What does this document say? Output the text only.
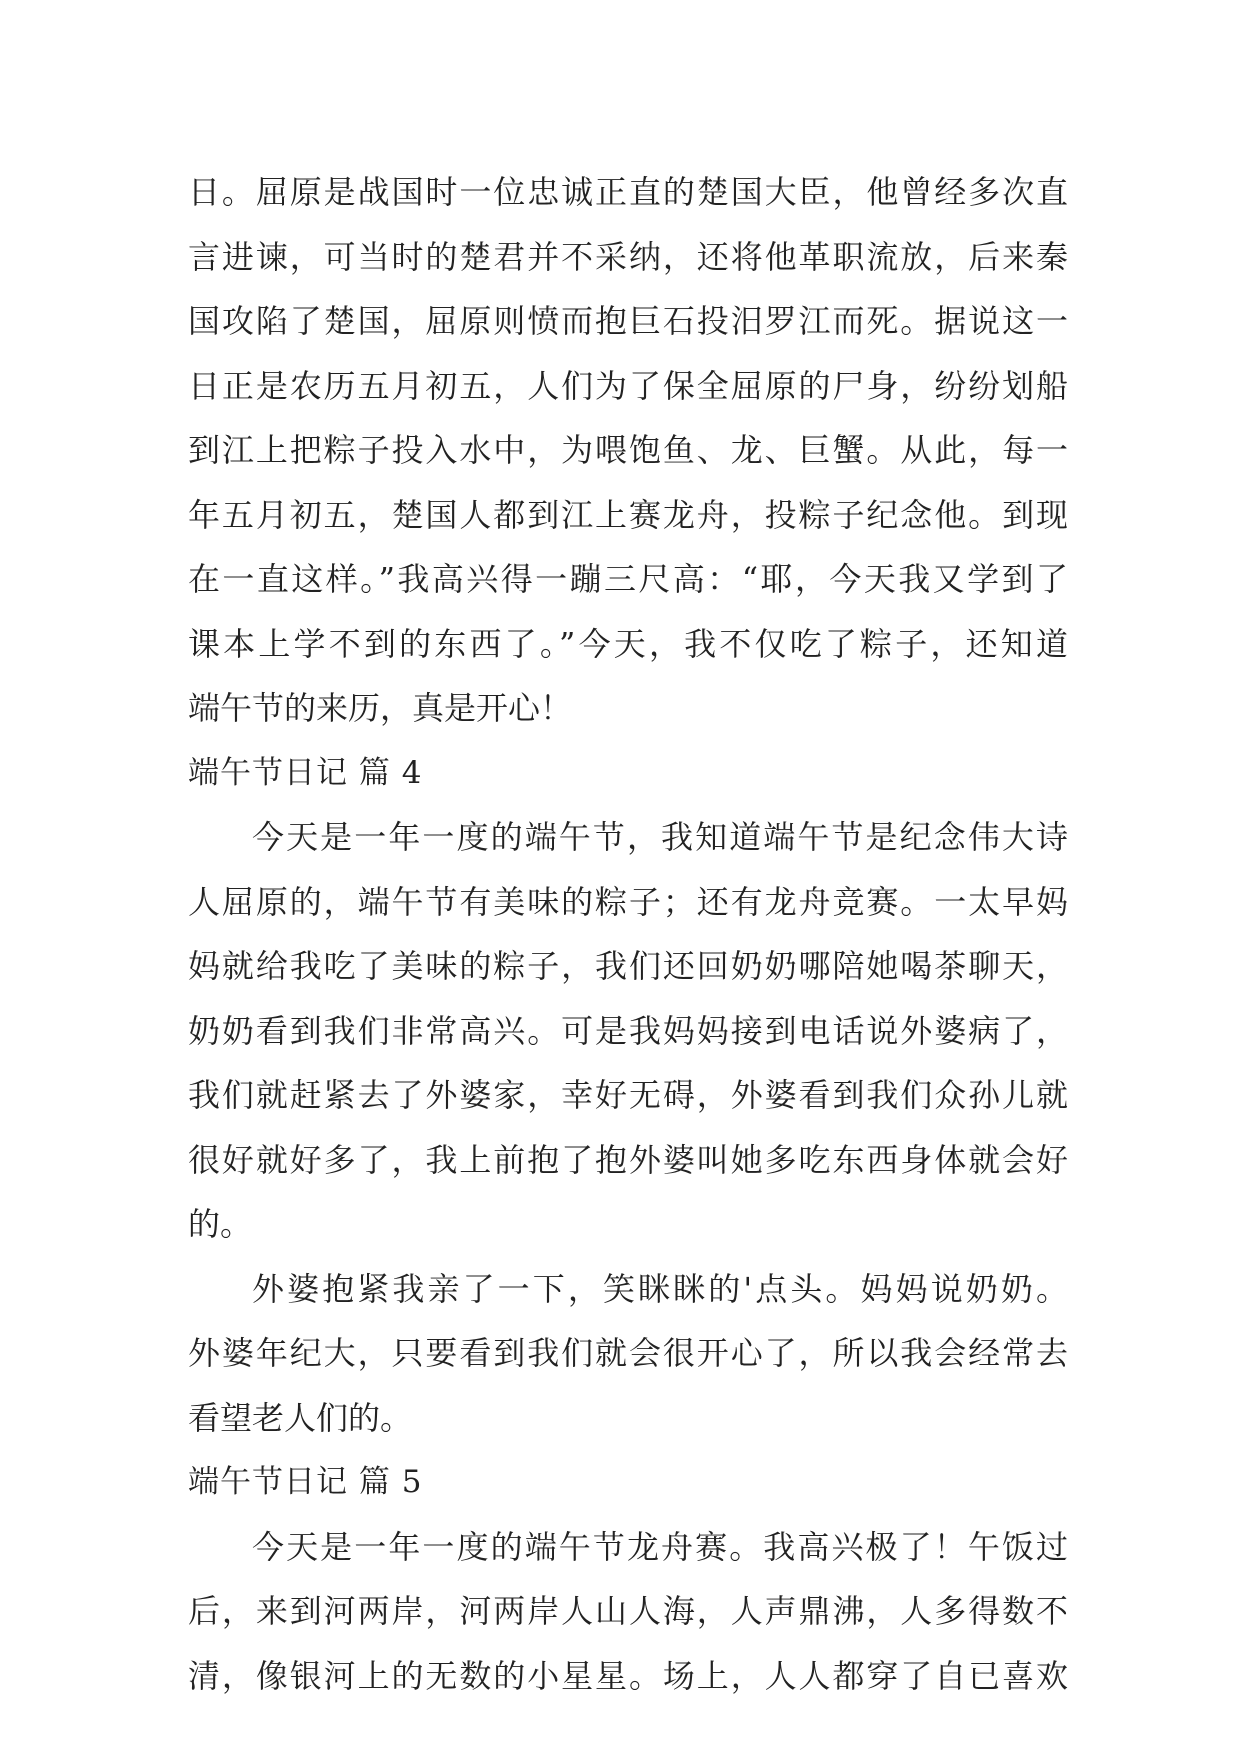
日。屈原是战国时一位忠诚正直的楚国大臣，他曾经多次直
言进谏，可当时的楚君并不采纳，还将他革职流放，后来秦
国攻陷了楚国，屈原则愤而抱巨石投汨罗江而死。据说这一
日正是农历五月初五，人们为了保全屈原的尸身，纷纷划船
到江上把粽子投入水中，为喂饱鱼、龙、巨蟹。从此，每一
年五月初五，楚国人都到江上赛龙舟，投粽子纪念他。到现
在一直这样。”我高兴得一蹦三尺高：“耶，今天我又学到了
课本上学不到的东西了。”今天，我不仅吃了粽子，还知道
端午节的来历，真是开心！
端午节日记 篇 4
今天是一年一度的端午节，我知道端午节是纪念伟大诗
人屈原的，端午节有美味的粽子；还有龙舟竞赛。一太早妈
妈就给我吃了美味的粽子，我们还回奶奶哪陪她喝茶聊天，
奶奶看到我们非常高兴。可是我妈妈接到电话说外婆病了，
我们就赶紧去了外婆家，幸好无碍，外婆看到我们众孙儿就
很好就好多了，我上前抱了抱外婆叫她多吃东西身体就会好
的。
外婆抱紧我亲了一下，笑眯眯的'点头。妈妈说奶奶。
外婆年纪大，只要看到我们就会很开心了，所以我会经常去
看望老人们的。
端午节日记 篇 5
今天是一年一度的端午节龙舟赛。我高兴极了！午饭过
后，来到河两岸，河两岸人山人海，人声鼎沸，人多得数不
清，像银河上的无数的小星星。场上，人人都穿了自已喜欢
